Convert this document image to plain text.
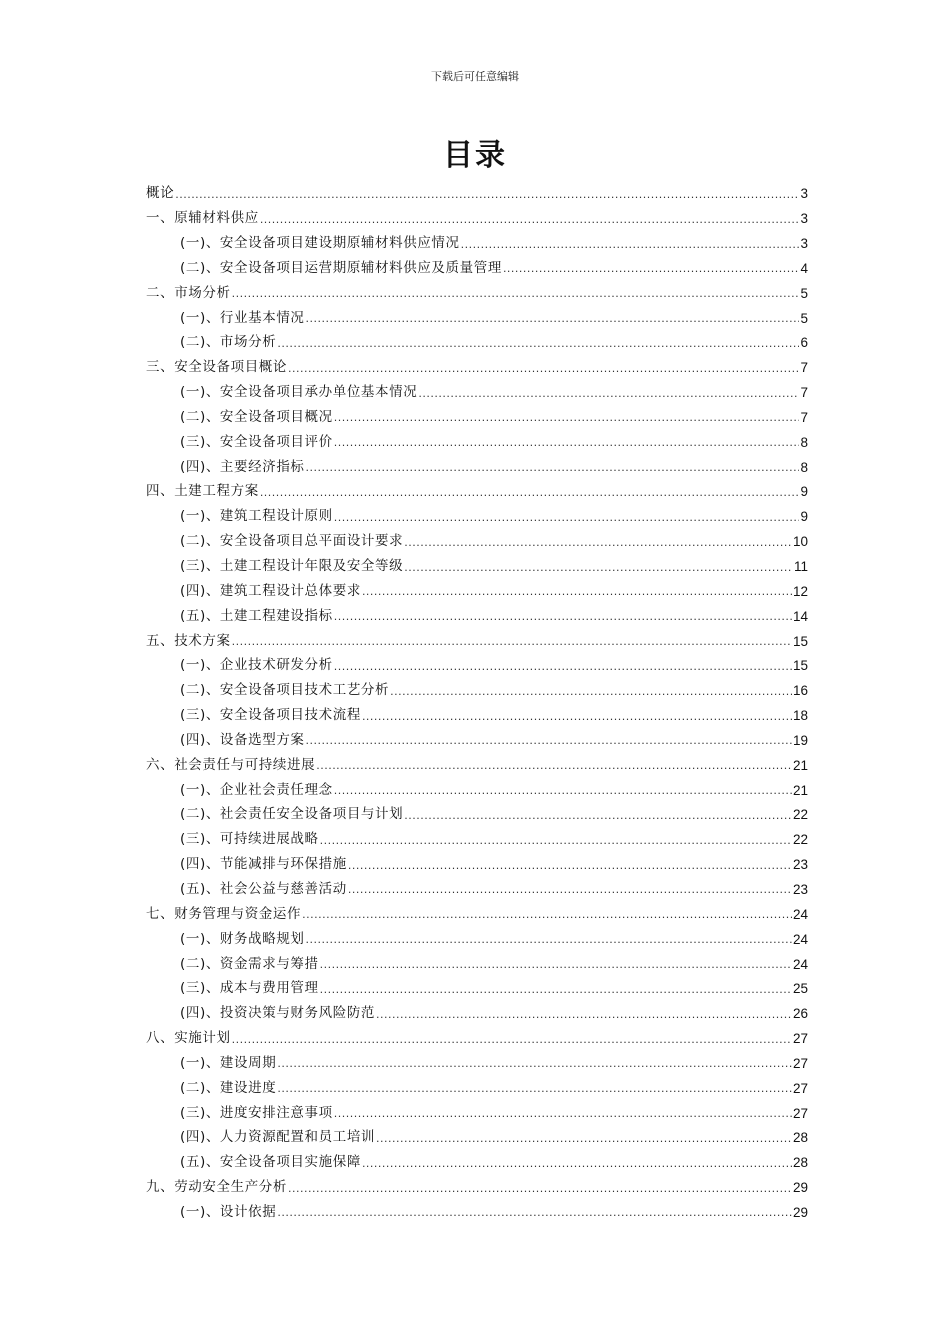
下载后可任意编辑
目录
概论 .....	3
一、原辅材料供应 .....	3
(一)、安全设备项目建设期原辅材料供应情况 .....	3
(二)、安全设备项目运营期原辅材料供应及质量管理 .....	4
二、市场分析 .....	5
(一)、行业基本情况 .....	5
(二)、市场分析 .....	6
三、安全设备项目概论 .....	7
(一)、安全设备项目承办单位基本情况 .....	7
(二)、安全设备项目概况 .....	7
(三)、安全设备项目评价 .....	8
(四)、主要经济指标 .....	8
四、土建工程方案 .....	9
(一)、建筑工程设计原则 .....	9
(二)、安全设备项目总平面设计要求 .....	10
(三)、土建工程设计年限及安全等级 .....	11
(四)、建筑工程设计总体要求 .....	12
(五)、土建工程建设指标 .....	14
五、技术方案 .....	15
(一)、企业技术研发分析 .....	15
(二)、安全设备项目技术工艺分析 .....	16
(三)、安全设备项目技术流程 .....	18
(四)、设备选型方案 .....	19
六、社会责任与可持续进展 .....	21
(一)、企业社会责任理念 .....	21
(二)、社会责任安全设备项目与计划 .....	22
(三)、可持续进展战略 .....	22
(四)、节能减排与环保措施 .....	23
(五)、社会公益与慈善活动 .....	23
七、财务管理与资金运作 .....	24
(一)、财务战略规划 .....	24
(二)、资金需求与筹措 .....	24
(三)、成本与费用管理 .....	25
(四)、投资决策与财务风险防范 .....	26
八、实施计划 .....	27
(一)、建设周期 .....	27
(二)、建设进度 .....	27
(三)、进度安排注意事项 .....	27
(四)、人力资源配置和员工培训 .....	28
(五)、安全设备项目实施保障 .....	28
九、劳动安全生产分析 .....	29
(一)、设计依据 .....	29
